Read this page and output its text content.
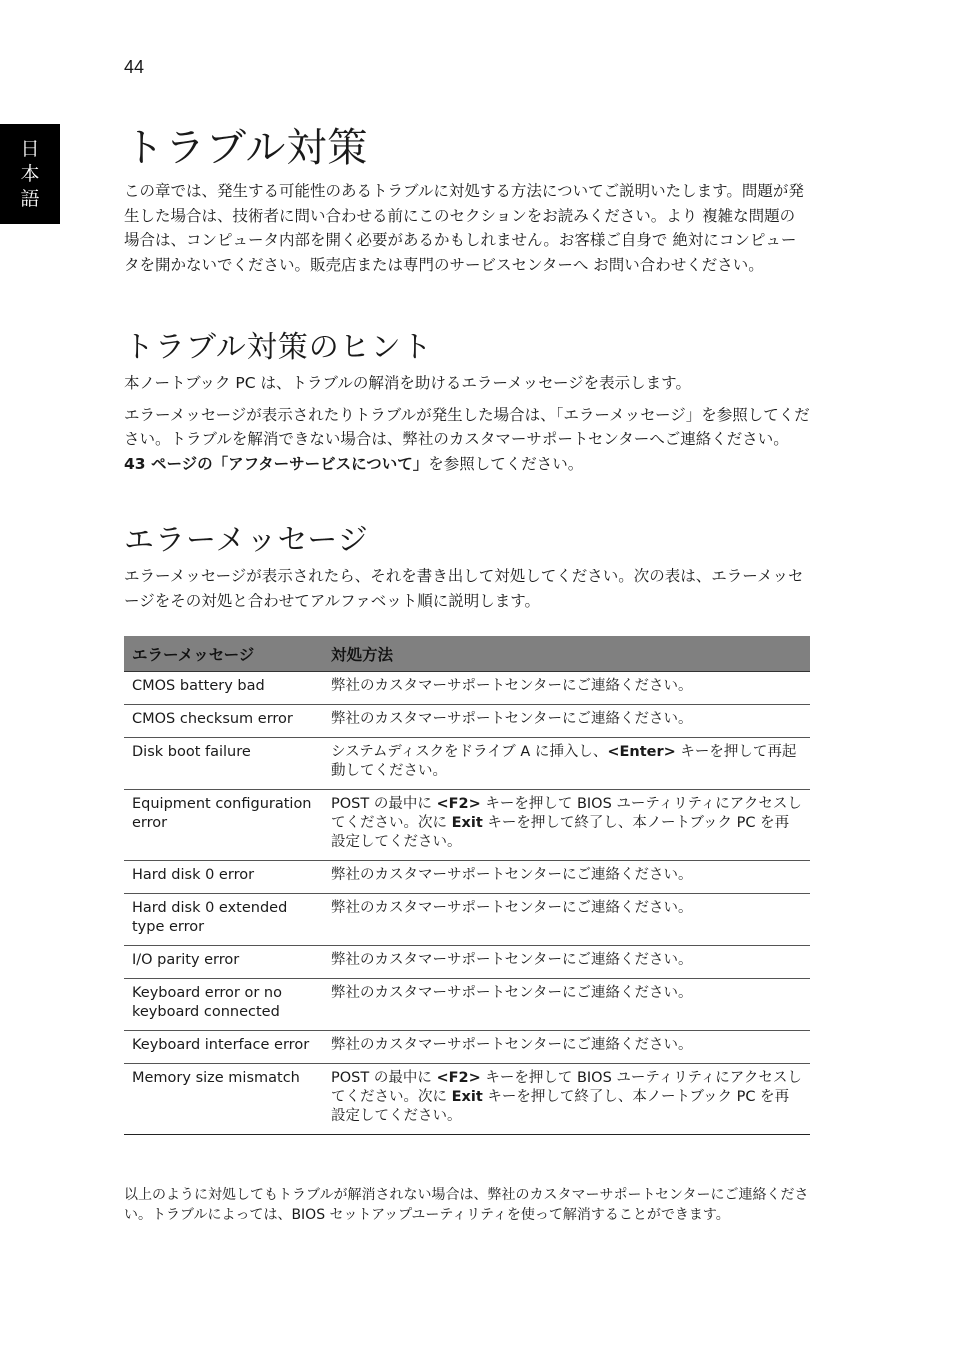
44
日
本
語
トラブル対策

この章では、発生する可能性のあるトラブルに対処する方法についてご説明いたします。問題が発生した場合は、技術者に問い合わせる前にこのセクションをお読みください。より 複雑な問題の場合は、コンピュータ内部を開く必要があるかもしれません。お客様ご自身で 絶対にコンピュータを開かないでください。販売店または専門のサービスセンターへ お問い合わせください。

トラブル対策のヒント

本ノートブック PC は、トラブルの解消を助けるエラーメッセージを表示します。

エラーメッセージが表示されたりトラブルが発生した場合は、「エラーメッセージ」を参照してください。トラブルを解消できない場合は、弊社のカスタマーサポートセンターへご連絡ください。43 ページの「アフターサービスについて」を参照してください。

エラーメッセージ

エラーメッセージが表示されたら、それを書き出して対処してください。次の表は、エラーメッセージをその対処と合わせてアルファベット順に説明します。

エラーメッセージ	対処方法
CMOS battery bad	弊社のカスタマーサポートセンターにご連絡ください。
CMOS checksum error	弊社のカスタマーサポートセンターにご連絡ください。
Disk boot failure	システムディスクをドライブ A に挿入し、<Enter> キーを押して再起動してください。
Equipment configuration error	POST の最中に <F2> キーを押して BIOS ユーティリティにアクセスしてください。次に Exit キーを押して終了し、本ノートブック PC を再設定してください。
Hard disk 0 error	弊社のカスタマーサポートセンターにご連絡ください。
Hard disk 0 extended type error	弊社のカスタマーサポートセンターにご連絡ください。
I/O parity error	弊社のカスタマーサポートセンターにご連絡ください。
Keyboard error or no keyboard connected	弊社のカスタマーサポートセンターにご連絡ください。
Keyboard interface error	弊社のカスタマーサポートセンターにご連絡ください。
Memory size mismatch	POST の最中に <F2> キーを押して BIOS ユーティリティにアクセスしてください。次に Exit キーを押して終了し、本ノートブック PC を再設定してください。

以上のように対処してもトラブルが解消されない場合は、弊社のカスタマーサポートセンターにご連絡ください。トラブルによっては、BIOS セットアップユーティリティを使って解消することができます。
